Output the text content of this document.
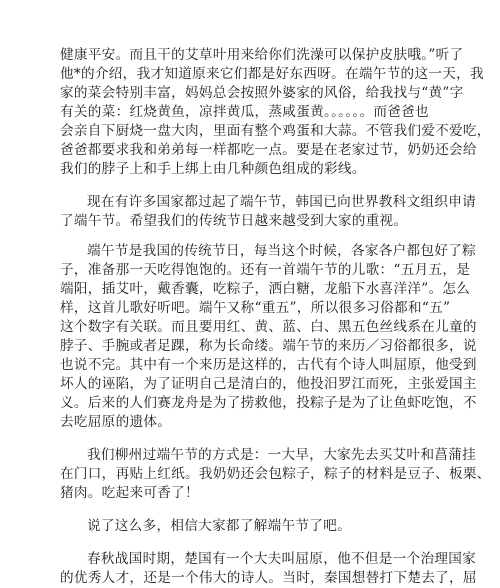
健康平安。而且干的艾草叶用来给你们洗澡可以保护皮肤哦。”听了
他*的介绍，我才知道原来它们都是好东西呀。在端午节的这一天，我
家的菜会特别丰富，妈妈总会按照外婆家的风俗，给我找与“黄”字
有关的菜：红烧黄鱼，凉拌黄瓜，蒸咸蛋黄。。。。。。而爸爸也
会亲自下厨烧一盘大肉，里面有整个鸡蛋和大蒜。不管我们爱不爱吃，
爸爸都要求我和弟弟每一样都吃一点。要是在老家过节，奶奶还会给
我们的脖子上和手上绑上由几种颜色组成的彩线。
现在有许多国家都过起了端午节，韩国已向世界教科文组织申请
了端午节。希望我们的传统节日越来越受到大家的重视。
端午节是我国的传统节日，每当这个时候，各家各户都包好了粽
子，准备那一天吃得饱饱的。还有一首端午节的儿歌：“五月五，是
端阳，插艾叶，戴香囊，吃粽子，洒白糖，龙船下水喜洋洋”。怎么
样，这首儿歌好听吧。端午又称“重五”，所以很多习俗都和“五”
这个数字有关联。而且要用红、黄、蓝、白、黑五色丝线系在儿童的
脖子、手腕或者足踝，称为长命缕。端午节的来历／习俗都很多，说
也说不完。其中有一个来历是这样的，古代有个诗人叫屈原，他受到
坏人的诬陷，为了证明自己是清白的，他投汨罗江而死，主张爱国主
义。后来的人们赛龙舟是为了捞救他，投粽子是为了让鱼虾吃饱，不
去吃屈原的遗体。
我们柳州过端午节的方式是：一大早，大家先去买艾叶和菖蒲挂
在门口，再贴上红纸。我奶奶还会包粽子，粽子的材料是豆子、板栗、
猪肉。吃起来可香了！
说了这么多，相信大家都了解端午节了吧。
春秋战国时期，楚国有一个大夫叫屈原，他不但是一个治理国家
的优秀人才，还是一个伟大的诗人。当时，秦国想替打下楚去了，屈
